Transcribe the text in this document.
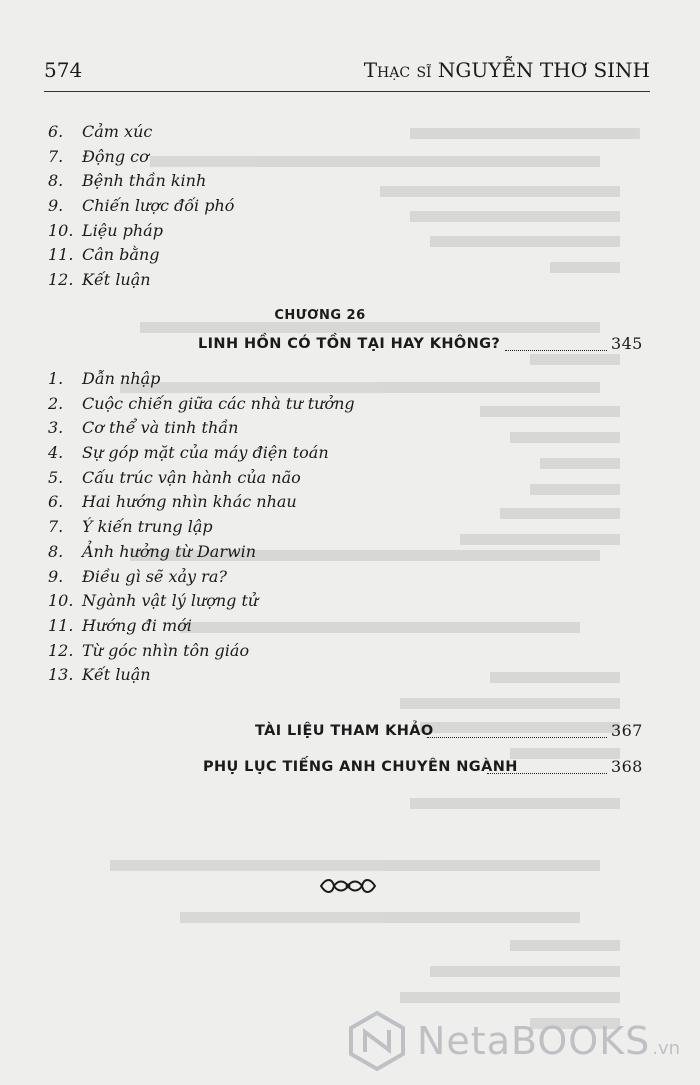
574	Thạc sĩ NGUYỄN THƠ SINH
6. Cảm xúc
7. Động cơ
8. Bệnh thần kinh
9. Chiến lược đối phó
10. Liệu pháp
11. Cân bằng
12. Kết luận
CHƯƠNG 26
LINH HỒN CÓ TỒN TẠI HAY KHÔNG?	345
1. Dẫn nhập
2. Cuộc chiến giữa các nhà tư tưởng
3. Cơ thể và tinh thần
4. Sự góp mặt của máy điện toán
5. Cấu trúc vận hành của não
6. Hai hướng nhìn khác nhau
7. Ý kiến trung lập
8. Ảnh hưởng từ Darwin
9. Điều gì sẽ xảy ra?
10. Ngành vật lý lượng tử
11. Hướng đi mới
12. Từ góc nhìn tôn giáo
13. Kết luận
TÀI LIỆU THAM KHẢO	367
PHỤ LỤC TIẾNG ANH CHUYÊN NGÀNH	368
NetaBOOKS .vn
